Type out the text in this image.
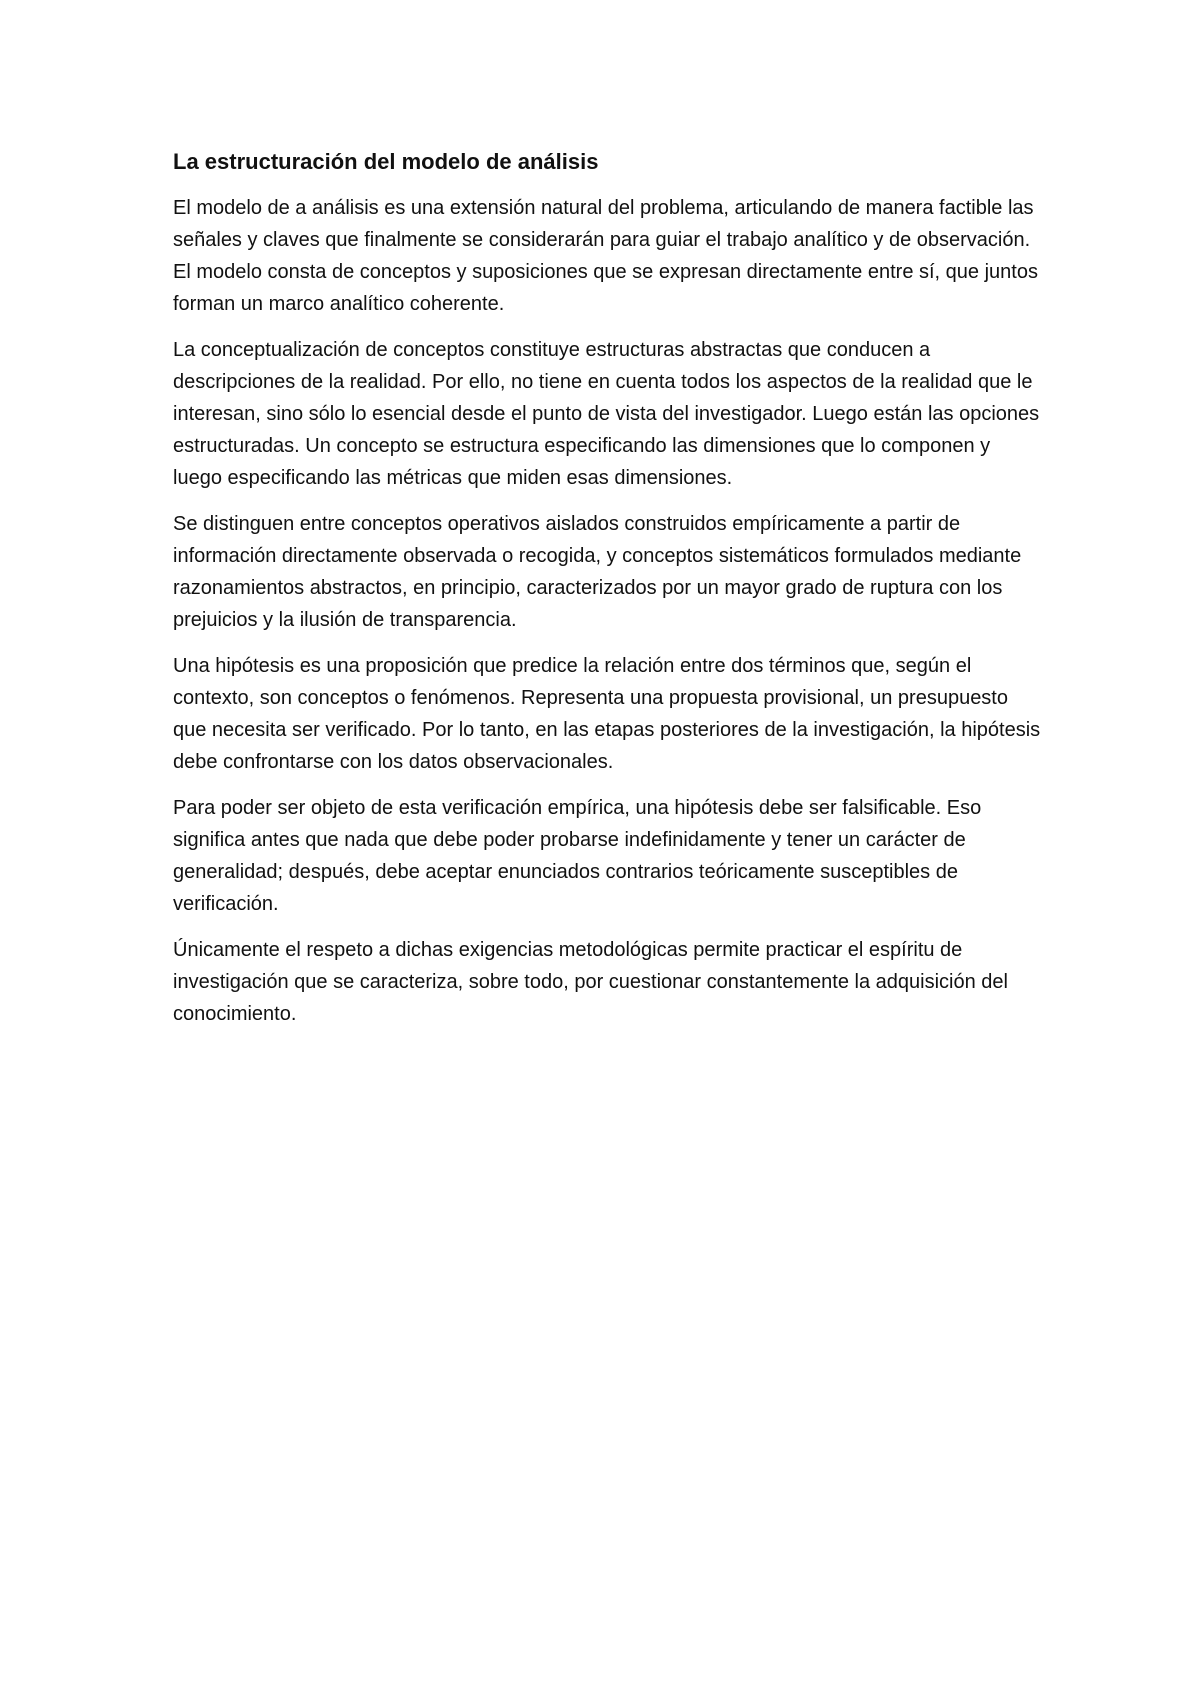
La estructuración del modelo de análisis

El modelo de a análisis es una extensión natural del problema, articulando de manera factible las señales y claves que finalmente se considerarán para guiar el trabajo analítico y de observación. El modelo consta de conceptos y suposiciones que se expresan directamente entre sí, que juntos forman un marco analítico coherente.

La conceptualización de conceptos constituye estructuras abstractas que conducen a descripciones de la realidad. Por ello, no tiene en cuenta todos los aspectos de la realidad que le interesan, sino sólo lo esencial desde el punto de vista del investigador. Luego están las opciones estructuradas. Un concepto se estructura especificando las dimensiones que lo componen y luego especificando las métricas que miden esas dimensiones.

Se distinguen entre conceptos operativos aislados construidos empíricamente a partir de información directamente observada o recogida, y conceptos sistemáticos formulados mediante razonamientos abstractos, en principio, caracterizados por un mayor grado de ruptura con los prejuicios y la ilusión de transparencia.

Una hipótesis es una proposición que predice la relación entre dos términos que, según el contexto, son conceptos o fenómenos. Representa una propuesta provisional, un presupuesto que necesita ser verificado. Por lo tanto, en las etapas posteriores de la investigación, la hipótesis debe confrontarse con los datos observacionales.

Para poder ser objeto de esta verificación empírica, una hipótesis debe ser falsificable. Eso significa antes que nada que debe poder probarse indefinidamente y tener un carácter de generalidad; después, debe aceptar enunciados contrarios teóricamente susceptibles de verificación.

Únicamente el respeto a dichas exigencias metodológicas permite practicar el espíritu de investigación que se caracteriza, sobre todo, por cuestionar constantemente la adquisición del conocimiento.
